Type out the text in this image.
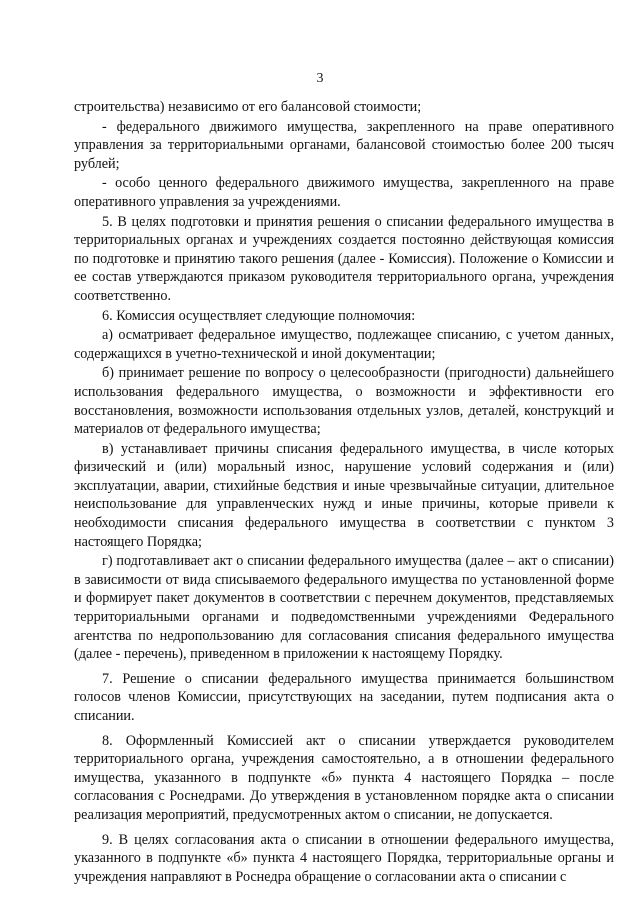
3

строительства) независимо от его балансовой стоимости;

- федерального движимого имущества, закрепленного на праве оперативного управления за территориальными органами, балансовой стоимостью более 200 тысяч рублей;

- особо ценного федерального движимого имущества, закрепленного на праве оперативного управления за учреждениями.

5. В целях подготовки и принятия решения о списании федерального имущества в территориальных органах и учреждениях создается постоянно действующая комиссия по подготовке и принятию такого решения (далее - Комиссия). Положение о Комиссии и ее состав утверждаются приказом руководителя территориального органа, учреждения соответственно.

6. Комиссия осуществляет следующие полномочия:

а) осматривает федеральное имущество, подлежащее списанию, с учетом данных, содержащихся в учетно-технической и иной документации;

б) принимает решение по вопросу о целесообразности (пригодности) дальнейшего использования федерального имущества, о возможности и эффективности его восстановления, возможности использования отдельных узлов, деталей, конструкций и материалов от федерального имущества;

в) устанавливает причины списания федерального имущества, в числе которых физический и (или) моральный износ, нарушение условий содержания и (или) эксплуатации, аварии, стихийные бедствия и иные чрезвычайные ситуации, длительное неиспользование для управленческих нужд и иные причины, которые привели к необходимости списания федерального имущества в соответствии с пунктом 3 настоящего Порядка;

г) подготавливает акт о списании федерального имущества (далее – акт о списании) в зависимости от вида списываемого федерального имущества по установленной форме и формирует пакет документов в соответствии с перечнем документов, представляемых территориальными органами и подведомственными учреждениями Федерального агентства по недропользованию для согласования списания федерального имущества (далее - перечень), приведенном в приложении к настоящему Порядку.

7. Решение о списании федерального имущества принимается большинством голосов членов Комиссии, присутствующих на заседании, путем подписания акта о списании.

8. Оформленный Комиссией акт о списании утверждается руководителем территориального органа, учреждения самостоятельно, а в отношении федерального имущества, указанного в подпункте «б» пункта 4 настоящего Порядка – после согласования с Роснедрами. До утверждения в установленном порядке акта о списании реализация мероприятий, предусмотренных актом о списании, не допускается.

9. В целях согласования акта о списании в отношении федерального имущества, указанного в подпункте «б» пункта 4 настоящего Порядка, территориальные органы и учреждения направляют в Роснедра обращение о согласовании акта о списании с
